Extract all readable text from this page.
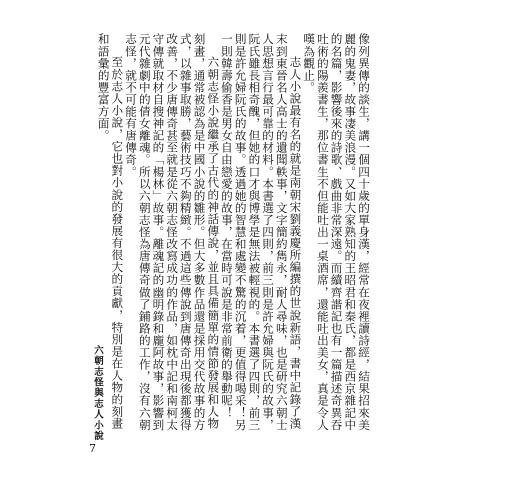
像列異傳的談生，講一個四十歲的單身漢，經常在夜裡讀詩經，結果招來美麗的鬼妻，故事凄美浪漫。又如大家熟知的王昭君和秦氏，都是西京雜記中的名篇，影響後來的詩歌、戲曲非常深遠。而續齊諧記也有一篇描述奇異吞吐術的陽羨書生，那位書生不但能吐出一桌酒席，還能吐出美女，真是令人嘆為觀止。

志人小說最有名的就是南朝宋劉義慶所編撰的世說新語，書中記錄了漢末到東晉名人高士的遺聞軼事，文字簡約雋永，耐人尋味，也是研究六朝士人思想言行最可靠的材料。本書選了四則，前三則是許允婦與阮氏的故事，阮氏雖長相奇醜，但她的口才與博學是無法被輕視的。本書選了四則，前三則是許允婦阮氏的故事。透過她的智慧和處變不驚的沉着，更值得喝采！另一則韓壽偷香是男女自由戀愛的故事，在當時可說是非常前衛的舉動呢！

六朝志怪小說繼承了古代的神話傳說，並且具備簡單的情節發展和人物刻畫，通常被認為是中國小說的雛形。但大多數作品還是採用交代故事的方式，以雜事取勝，藝術技巧不夠精緻。不過這些傳說到唐傳奇出現後都獲得改善，不少唐傳奇甚至就是從六朝志怪改寫成功的作品，如枕中記和南柯太守傳就取材自搜神記的「楊林」故事。離魂記的幽明錄和龐阿故事，影響到元代雜劇中的倩女離魂。所以六朝志怪為唐傳奇做了鋪路的工作，沒有六朝志怪，就不可能有唐傳奇。

至於志人小說，它也對小說的發展有很大的貢獻，特別是在人物的刻畫和語彙的豐富方面。

六朝志怪與志人小說
7
